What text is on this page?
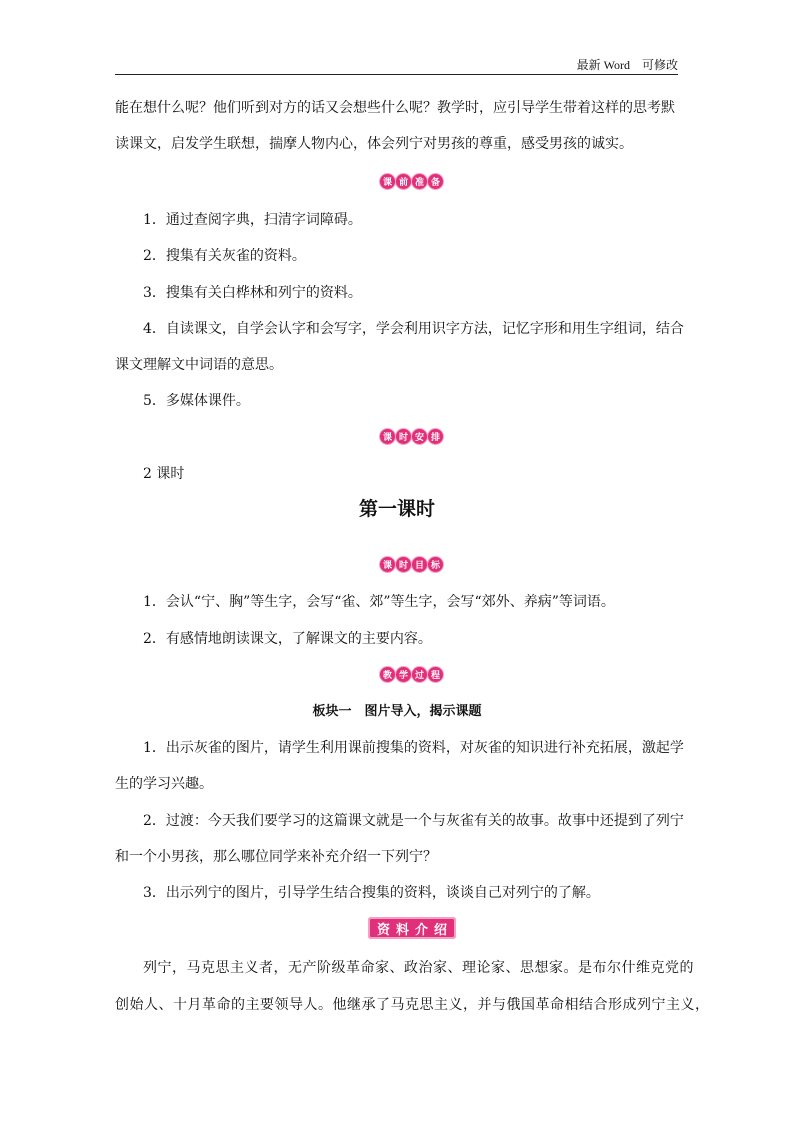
最新 Word　可修改
能在想什么呢？他们听到对方的话又会想些什么呢？教学时，应引导学生带着这样的思考默
读课文，启发学生联想，揣摩人物内心，体会列宁对男孩的尊重，感受男孩的诚实。
课 前 准 备
1．通过查阅字典，扫清字词障碍。
2．搜集有关灰雀的资料。
3．搜集有关白桦林和列宁的资料。
4．自读课文，自学会认字和会写字，学会利用识字方法，记忆字形和用生字组词，结合
课文理解文中词语的意思。
5．多媒体课件。
课 时 安 排
2 课时
第一课时
课 时 目 标
1．会认“宁、胸”等生字，会写“雀、郊”等生字，会写“郊外、养病”等词语。
2．有感情地朗读课文，了解课文的主要内容。
教 学 过 程
板块一　图片导入，揭示课题
1．出示灰雀的图片，请学生利用课前搜集的资料，对灰雀的知识进行补充拓展，激起学
生的学习兴趣。
2．过渡：今天我们要学习的这篇课文就是一个与灰雀有关的故事。故事中还提到了列宁
和一个小男孩，那么哪位同学来补充介绍一下列宁？
3．出示列宁的图片，引导学生结合搜集的资料，谈谈自己对列宁的了解。
资料介绍
列宁，马克思主义者，无产阶级革命家、政治家、理论家、思想家。是布尔什维克党的
创始人、十月革命的主要领导人。他继承了马克思主义，并与俄国革命相结合形成列宁主义，
